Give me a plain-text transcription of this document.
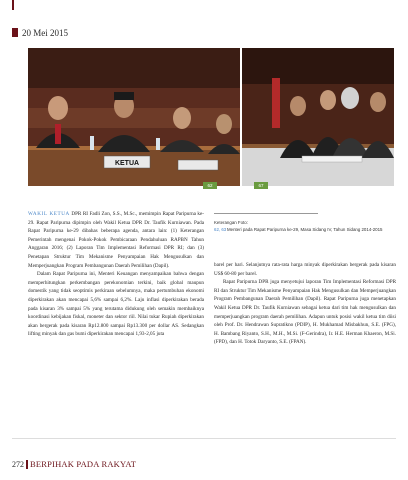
20 Mei 2015
KETUA
62	67

WAKIL KETUA DPR RI Fadli Zon, S.S., M.Sc., memimpin Rapat Paripurna ke-29. Rapat Paripurna dipimpin oleh Wakil Ketua DPR Dr. Taufik Kurniawan. Pada Rapat Paripurna ke-29 dibahas beberapa agenda, antara lain: (1) Keterangan Pemerintah mengenai Pokok-Pokok Pembicaraan Pendahuluan RAPBN Tahun Anggaran 2016; (2) Laporan Tim Implementasi Reformasi DPR RI; dan (3) Penetapan Struktur Tim Mekanisme Penyampaian Hak Mengusulkan dan Memperjuangkan Program Pembangunan Daerah Pemilihan (Dapil).

Dalam Rapat Paripurna ini, Menteri Keuangan menyampaikan bahwa dengan memperhitungkan perkembangan perekonomian terkini, baik global maupun domestik yang tidak seoptimis perkiraan sebelumnya, maka pertumbuhan ekonomi diperkirakan akan mencapai 5,6% sampai 6,2%. Laju inflasi diperkirakan berada pada kisaran 3% sampai 5% yang terutama didukung oleh semakin membaiknya koordinasi kebijakan fiskal, moneter dan sektor riil. Nilai tukar Rupiah diperkirakan akan bergerak pada kisaran Rp12.800 sampai Rp13.300 per dollar AS. Sedangkan lifting minyak dan gas bumi diperkirakan mencapai 1,93-2,05 juta

Keterangan Foto:
62, 63Menteri pada Rapat Paripurna ke-29, Masa Sidang IV, Tahun Sidang 2014-2015

barel per hari. Selanjutnya rata-rata harga minyak diperkirakan bergerak pada kisaran US$ 60-80 per barel.

Rapat Paripurna DPR juga menyetujui laporan Tim Implementasi Reformasi DPR RI dan Struktur Tim Mekanisme Penyampaian Hak Mengusulkan dan Memperjuangkan Program Pembangunan Daerah Pemilihan (Dapil). Rapat Paripurna juga menetapkan Wakil Ketua DPR Dr. Taufik Kurniawan sebagai ketua dari tim hak mengusulkan dan memperjuangkan program daerah pemilihan. Adapun untuk posisi wakil ketua tim diisi oleh Prof. Dr. Hendrawan Supratikno (PDIP), H. Mukhamad Misbakhun, S.E. (FPG), H. Bambang Riyanto, S.H., M.H., M.Si. (F-Gerindra), Ir. H.E. Herman Khaeron, M.Si. (FPD), dan H. Totok Daryanto, S.E. (FPAN).

272 BERPIHAK PADA RAKYAT
